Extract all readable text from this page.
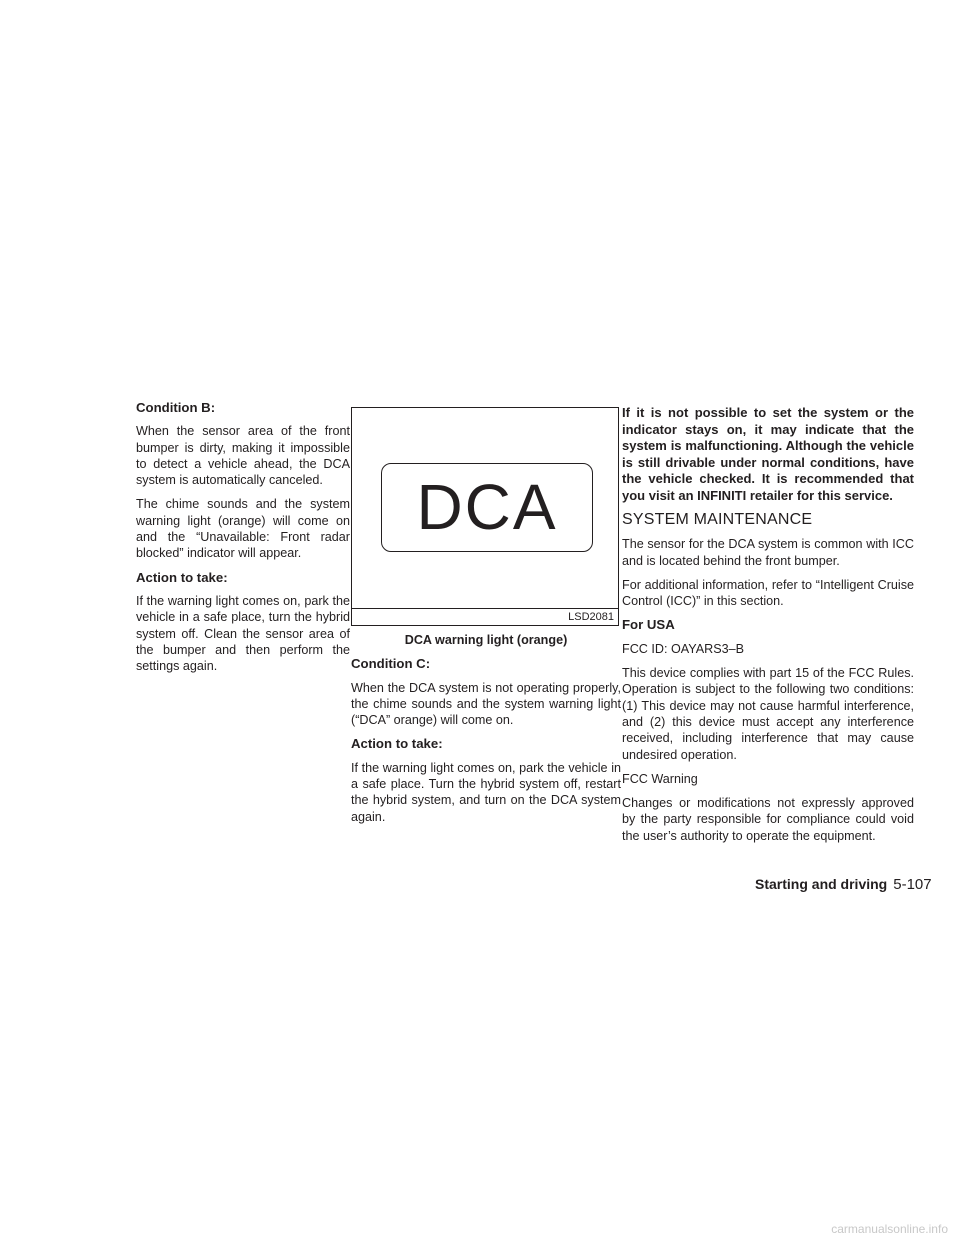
Condition B:

When the sensor area of the front bumper is dirty, making it impossible to detect a vehicle ahead, the DCA system is automatically canceled.

The chime sounds and the system warning light (orange) will come on and the “Unavailable: Front radar blocked” indicator will appear.

Action to take:

If the warning light comes on, park the vehicle in a safe place, turn the hybrid system off. Clean the sensor area of the bumper and then perform the settings again.

DCA
LSD2081
DCA warning light (orange)
Condition C:

When the DCA system is not operating properly, the chime sounds and the system warning light (“DCA” orange) will come on.

Action to take:

If the warning light comes on, park the vehicle in a safe place. Turn the hybrid system off, restart the hybrid system, and turn on the DCA system again.

If it is not possible to set the system or the indicator stays on, it may indicate that the system is malfunctioning. Although the vehicle is still drivable under normal conditions, have the vehicle checked. It is recommended that you visit an INFINITI retailer for this service.

SYSTEM MAINTENANCE

The sensor for the DCA system is common with ICC and is located behind the front bumper.

For additional information, refer to “Intelligent Cruise Control (ICC)” in this section.

For USA

FCC ID: OAYARS3–B

This device complies with part 15 of the FCC Rules. Operation is subject to the following two conditions: (1) This device may not cause harmful interference, and (2) this device must accept any interference received, including interference that may cause undesired operation.

FCC Warning

Changes or modifications not expressly approved by the party responsible for compliance could void the user’s authority to operate the equipment.

Starting and driving 5-107
carmanualsonline.info
